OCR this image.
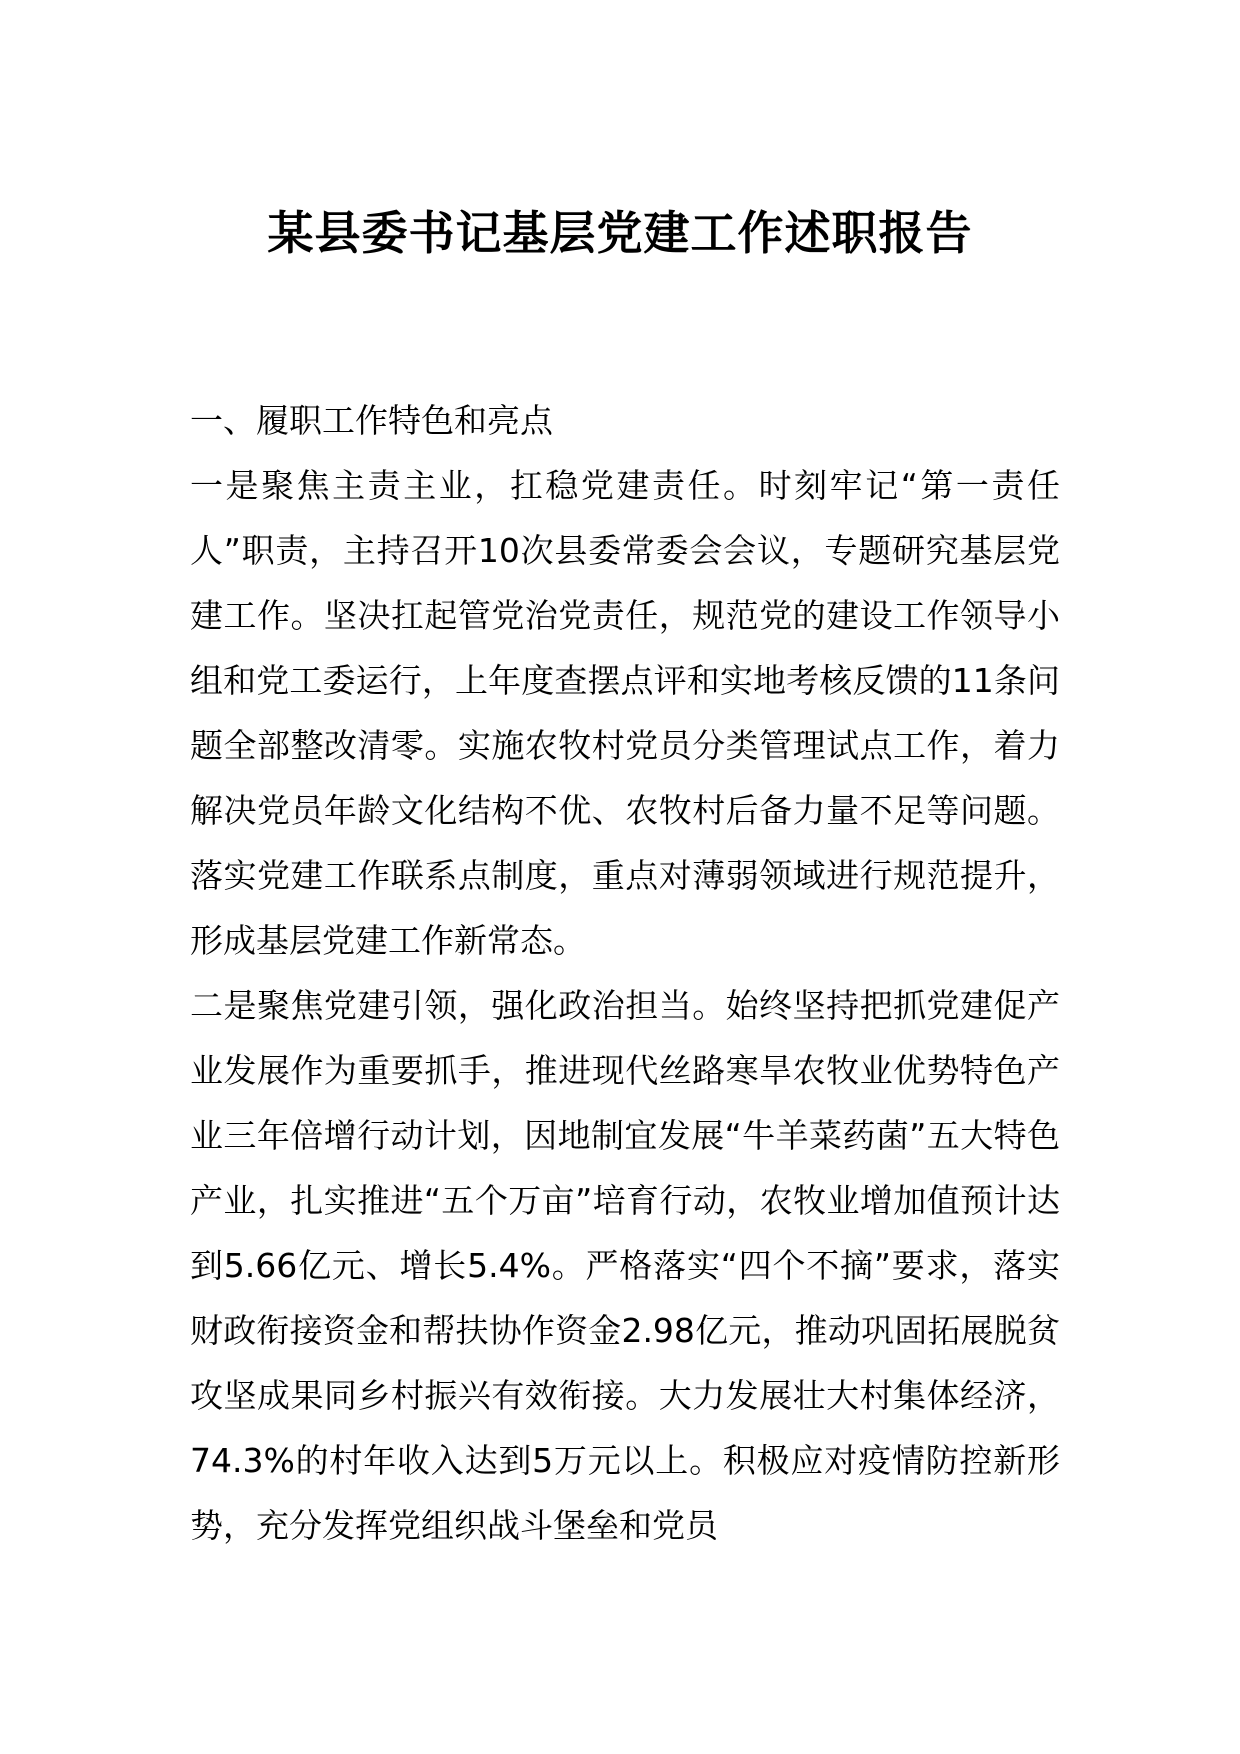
某县委书记基层党建工作述职报告

一、履职工作特色和亮点

一是聚焦主责主业，扛稳党建责任。时刻牢记“第一责任人”职责，主持召开10次县委常委会会议，专题研究基层党建工作。坚决扛起管党治党责任，规范党的建设工作领导小组和党工委运行，上年度查摆点评和实地考核反馈的11条问题全部整改清零。实施农牧村党员分类管理试点工作，着力解决党员年龄文化结构不优、农牧村后备力量不足等问题。落实党建工作联系点制度，重点对薄弱领域进行规范提升，形成基层党建工作新常态。

二是聚焦党建引领，强化政治担当。始终坚持把抓党建促产业发展作为重要抓手，推进现代丝路寒旱农牧业优势特色产业三年倍增行动计划，因地制宜发展“牛羊菜药菌”五大特色产业，扎实推进“五个万亩”培育行动，农牧业增加值预计达到5.66亿元、增长5.4%。严格落实“四个不摘”要求，落实财政衔接资金和帮扶协作资金2.98亿元，推动巩固拓展脱贫攻坚成果同乡村振兴有效衔接。大力发展壮大村集体经济，74.3%的村年收入达到5万元以上。积极应对疫情防控新形势，充分发挥党组织战斗堡垒和党员
